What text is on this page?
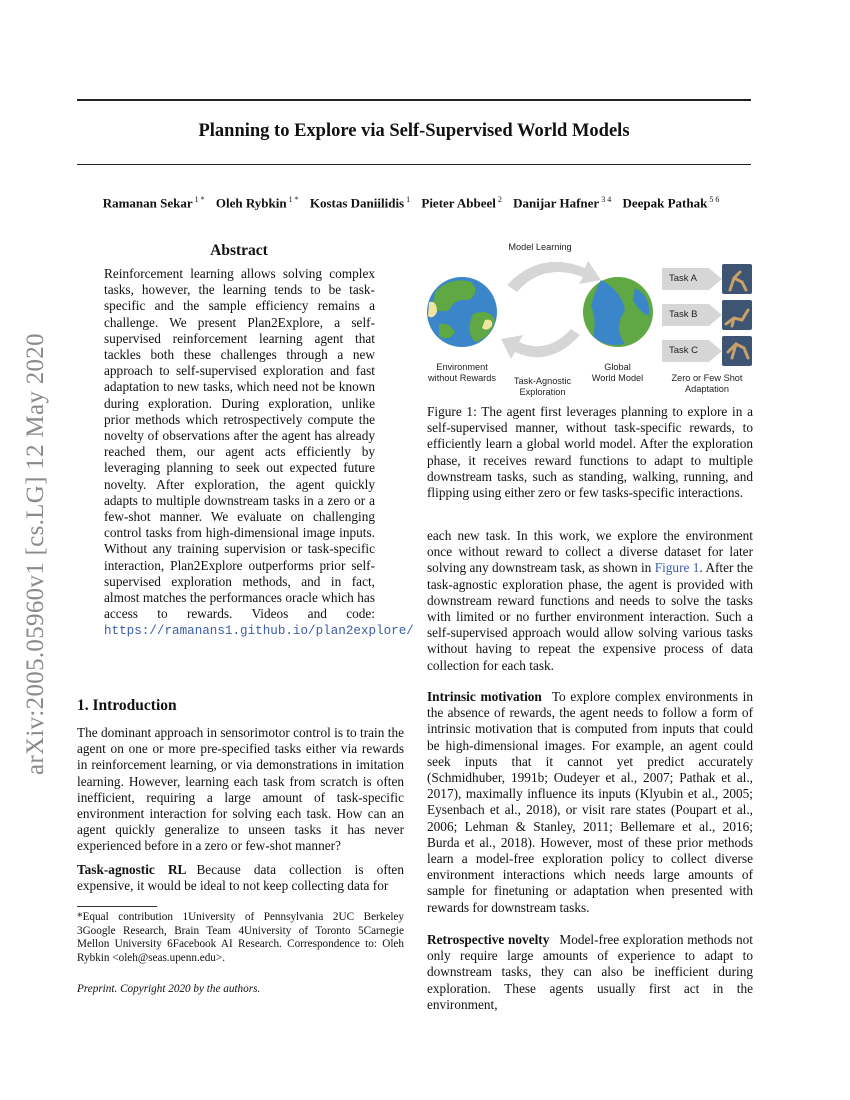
Planning to Explore via Self-Supervised World Models
Ramanan Sekar $^{1 *}$ Oleh Rybkin $^{1 *}$ Kostas Daniilidis $^1$ Pieter Abbeel $^2$ Danijar Hafner $^{3 4}$ Deepak Pathak $^{5 6}$
arXiv:2005.05960v1 [cs.LG] 12 May 2020
Abstract
Reinforcement learning allows solving complex tasks, however, the learning tends to be task-specific and the sample efficiency remains a challenge. We present Plan2Explore, a self-supervised reinforcement learning agent that tackles both these challenges through a new approach to self-supervised exploration and fast adaptation to new tasks, which need not be known during exploration. During exploration, unlike prior methods which retrospectively compute the novelty of observations after the agent has already reached them, our agent acts efficiently by leveraging planning to seek out expected future novelty. After exploration, the agent quickly adapts to multiple downstream tasks in a zero or a few-shot manner. We evaluate on challenging control tasks from high-dimensional image inputs. Without any training supervision or task-specific interaction, Plan2Explore outperforms prior self-supervised exploration methods, and in fact, almost matches the performances oracle which has access to rewards. Videos and code: https://ramanans1.github.io/plan2explore/
1. Introduction
The dominant approach in sensorimotor control is to train the agent on one or more pre-specified tasks either via rewards in reinforcement learning, or via demonstrations in imitation learning. However, learning each task from scratch is often inefficient, requiring a large amount of task-specific environment interaction for solving each task. How can an agent quickly generalize to unseen tasks it has never experienced before in a zero or few-shot manner?
Task-agnostic RL Because data collection is often expensive, it would be ideal to not keep collecting data for
*Equal contribution 1University of Pennsylvania 2UC Berkeley 3Google Research, Brain Team 4University of Toronto 5Carnegie Mellon University 6Facebook AI Research. Correspondence to: Oleh Rybkin <oleh@seas.upenn.edu>.
Preprint. Copyright 2020 by the authors.
Model Learning
Environment
without Rewards	Task-Agnostic
Exploration
Global
World Model
Task A
Task B
Task C
Zero or Few Shot
Adaptation
Figure 1: The agent first leverages planning to explore in a self-supervised manner, without task-specific rewards, to efficiently learn a global world model. After the exploration phase, it receives reward functions to adapt to multiple downstream tasks, such as standing, walking, running, and flipping using either zero or few tasks-specific interactions.
each new task. In this work, we explore the environment once without reward to collect a diverse dataset for later solving any downstream task, as shown in Figure 1. After the task-agnostic exploration phase, the agent is provided with downstream reward functions and needs to solve the tasks with limited or no further environment interaction. Such a self-supervised approach would allow solving various tasks without having to repeat the expensive process of data collection for each task.
Intrinsic motivation To explore complex environments in the absence of rewards, the agent needs to follow a form of intrinsic motivation that is computed from inputs that could be high-dimensional images. For example, an agent could seek inputs that it cannot yet predict accurately (Schmidhuber, 1991b; Oudeyer et al., 2007; Pathak et al., 2017), maximally influence its inputs (Klyubin et al., 2005; Eysenbach et al., 2018), or visit rare states (Poupart et al., 2006; Lehman & Stanley, 2011; Bellemare et al., 2016; Burda et al., 2018). However, most of these prior methods learn a model-free exploration policy to collect diverse environment interactions which needs large amounts of sample for finetuning or adaptation when presented with rewards for downstream tasks.
Retrospective novelty Model-free exploration methods not only require large amounts of experience to adapt to downstream tasks, they can also be inefficient during exploration. These agents usually first act in the environment,
